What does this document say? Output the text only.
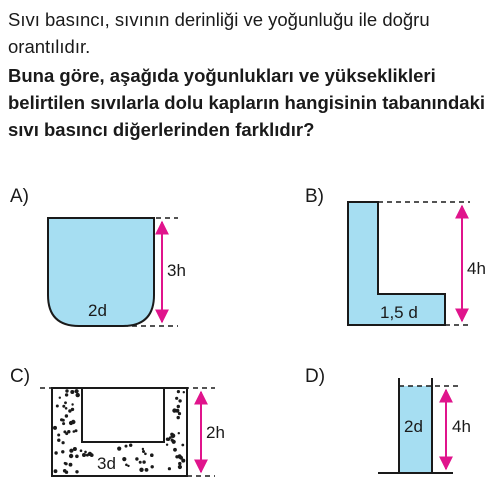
Sıvı basıncı, sıvının derinliği ve yoğunluğu ile doğru orantılıdır.
Buna göre, aşağıda yoğunlukları ve yükseklikleri belirtilen sıvılarla dolu kapların hangisinin tabanındaki sıvı basıncı diğerlerinden farklıdır?
A)	B)
C)	D)
3h
2d
4h
1,5 d
3d
2h	2d 4h
